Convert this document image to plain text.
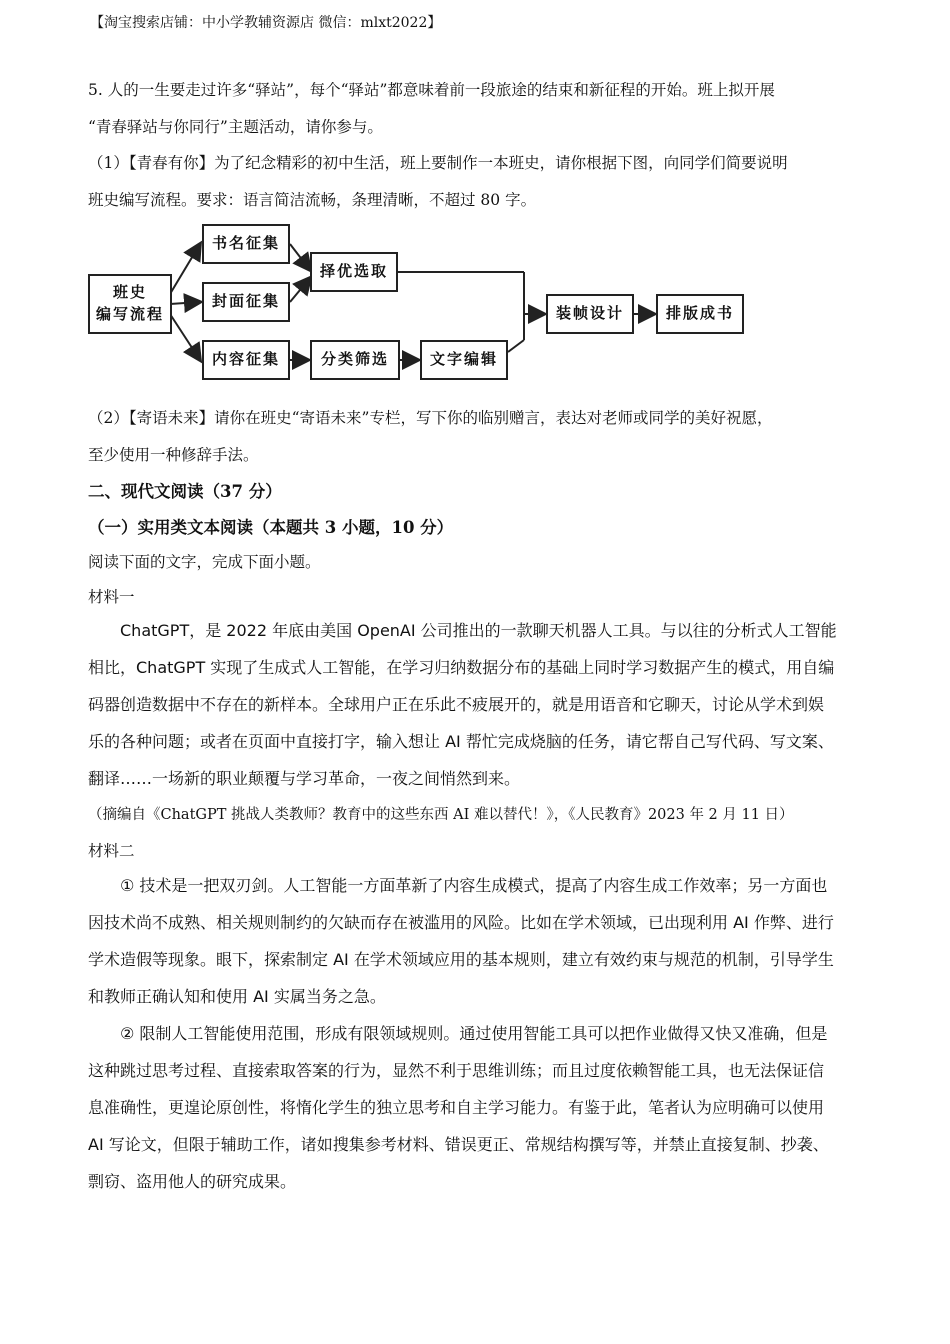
【淘宝搜索店铺：中小学教辅资源店 微信：mlxt2022】
5. 人的一生要走过许多“驿站”，每个“驿站”都意味着前一段旅途的结束和新征程的开始。班上拟开展
“青春驿站与你同行”主题活动，请你参与。
（1）【青春有你】为了纪念精彩的初中生活，班上要制作一本班史，请你根据下图，向同学们简要说明
班史编写流程。要求：语言简洁流畅，条理清晰，不超过 80 字。
班史
编写流程
书名征集
封面征集
内容征集
择优选取
分类筛选	文字编辑
装帧设计	排版成书
（2）【寄语未来】请你在班史“寄语未来”专栏，写下你的临别赠言，表达对老师或同学的美好祝愿，
至少使用一种修辞手法。
二、现代文阅读（37 分）
（一）实用类文本阅读（本题共 3 小题，10 分）
阅读下面的文字，完成下面小题。
材料一
ChatGPT，是 2022 年底由美国 OpenAI 公司推出的一款聊天机器人工具。与以往的分析式人工智能
相比，ChatGPT 实现了生成式人工智能，在学习归纳数据分布的基础上同时学习数据产生的模式，用自编
码器创造数据中不存在的新样本。全球用户正在乐此不疲展开的，就是用语音和它聊天，讨论从学术到娱
乐的各种问题；或者在页面中直接打字，输入想让 AI 帮忙完成烧脑的任务，请它帮自己写代码、写文案、
翻译……一场新的职业颠覆与学习革命，一夜之间悄然到来。
（摘编自《ChatGPT 挑战人类教师？教育中的这些东西 AI 难以替代！》，《人民教育》2023 年 2 月 11 日）
材料二
① 技术是一把双刃剑。人工智能一方面革新了内容生成模式，提高了内容生成工作效率；另一方面也
因技术尚不成熟、相关规则制约的欠缺而存在被滥用的风险。比如在学术领域，已出现利用 AI 作弊、进行
学术造假等现象。眼下，探索制定 AI 在学术领域应用的基本规则，建立有效约束与规范的机制，引导学生
和教师正确认知和使用 AI 实属当务之急。
② 限制人工智能使用范围，形成有限领域规则。通过使用智能工具可以把作业做得又快又准确，但是
这种跳过思考过程、直接索取答案的行为，显然不利于思维训练；而且过度依赖智能工具，也无法保证信
息准确性，更遑论原创性，将惰化学生的独立思考和自主学习能力。有鉴于此，笔者认为应明确可以使用
AI 写论文，但限于辅助工作，诸如搜集参考材料、错误更正、常规结构撰写等，并禁止直接复制、抄袭、
剽窃、盗用他人的研究成果。
